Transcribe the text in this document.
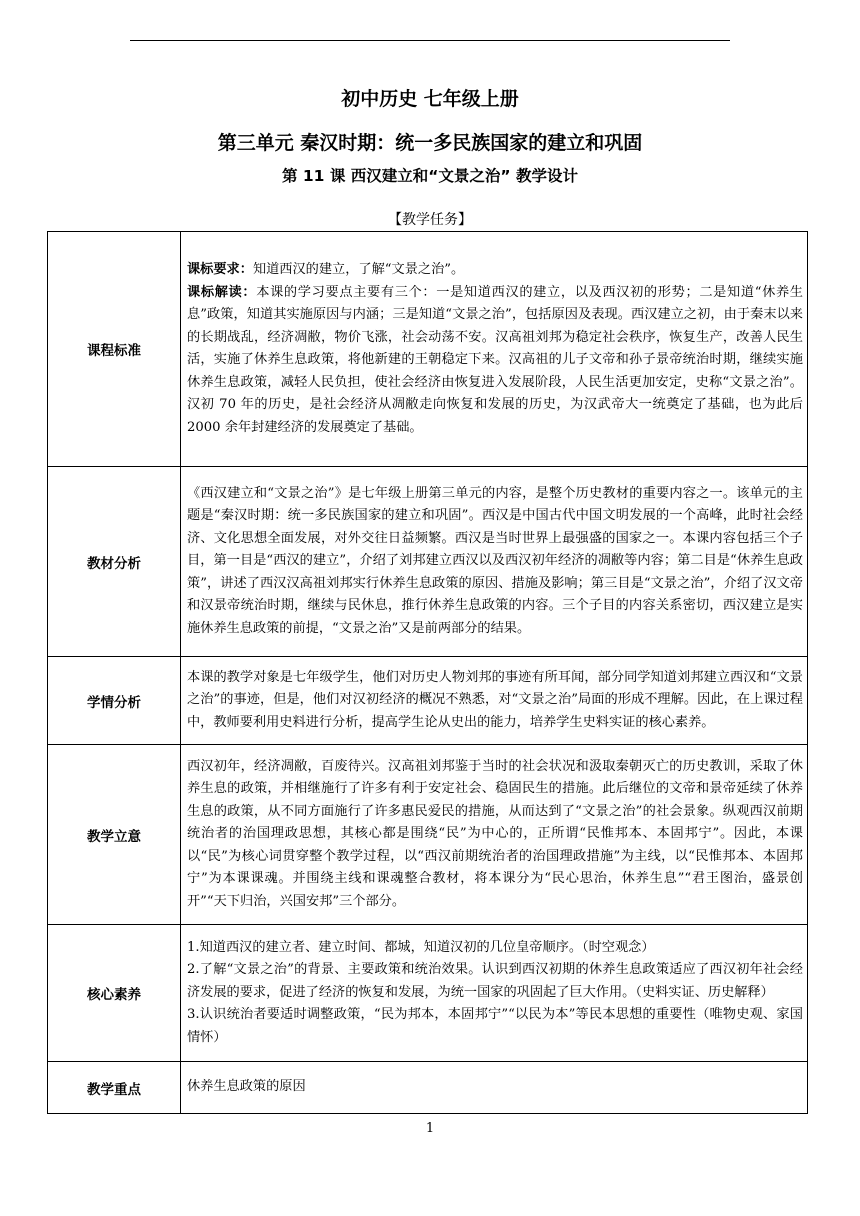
初中历史 七年级上册
第三单元 秦汉时期：统一多民族国家的建立和巩固
第 11 课 西汉建立和“文景之治” 教学设计
【教学任务】
课程标准	课标要求：知道西汉的建立，了解“文景之治”。

课标解读：本课的学习要点主要有三个：一是知道西汉的建立，以及西汉初的形势；二是知道“休养生息”政策，知道其实施原因与内涵；三是知道“文景之治”，包括原因及表现。西汉建立之初，由于秦末以来的长期战乱，经济凋敝，物价飞涨，社会动荡不安。汉高祖刘邦为稳定社会秩序，恢复生产，改善人民生活，实施了休养生息政策，将他新建的王朝稳定下来。汉高祖的儿子文帝和孙子景帝统治时期，继续实施休养生息政策，减轻人民负担，使社会经济由恢复进入发展阶段，人民生活更加安定，史称“文景之治”。汉初 70 年的历史，是社会经济从凋敝走向恢复和发展的历史，为汉武帝大一统奠定了基础，也为此后 2000 余年封建经济的发展奠定了基础。

教材分析	《西汉建立和“文景之治”》是七年级上册第三单元的内容，是整个历史教材的重要内容之一。该单元的主题是“秦汉时期：统一多民族国家的建立和巩固”。西汉是中国古代中国文明发展的一个高峰，此时社会经济、文化思想全面发展，对外交往日益频繁。西汉是当时世界上最强盛的国家之一。本课内容包括三个子目，第一目是“西汉的建立”，介绍了刘邦建立西汉以及西汉初年经济的凋敝等内容；第二目是“休养生息政策”，讲述了西汉汉高祖刘邦实行休养生息政策的原因、措施及影响；第三目是“文景之治”，介绍了汉文帝和汉景帝统治时期，继续与民休息，推行休养生息政策的内容。三个子目的内容关系密切，西汉建立是实施休养生息政策的前提，“文景之治”又是前两部分的结果。

学情分析	本课的教学对象是七年级学生，他们对历史人物刘邦的事迹有所耳闻，部分同学知道刘邦建立西汉和“文景之治”的事迹，但是，他们对汉初经济的概况不熟悉，对“文景之治”局面的形成不理解。因此，在上课过程中，教师要利用史料进行分析，提高学生论从史出的能力，培养学生史料实证的核心素养。

教学立意	西汉初年，经济凋敝，百废待兴。汉高祖刘邦鉴于当时的社会状况和汲取秦朝灭亡的历史教训，采取了休养生息的政策，并相继施行了许多有利于安定社会、稳固民生的措施。此后继位的文帝和景帝延续了休养生息的政策，从不同方面施行了许多惠民爱民的措施，从而达到了“文景之治”的社会景象。纵观西汉前期统治者的治国理政思想，其核心都是围绕“民”为中心的，正所谓“民惟邦本、本固邦宁”。因此，本课以“民”为核心词贯穿整个教学过程，以“西汉前期统治者的治国理政措施”为主线，以“民惟邦本、本固邦宁”为本课课魂。并围绕主线和课魂整合教材，将本课分为“民心思治，休养生息”“君王图治，盛景创开”“天下归治，兴国安邦”三个部分。

核心素养	1.知道西汉的建立者、建立时间、都城，知道汉初的几位皇帝顺序。（时空观念）

2.了解“文景之治”的背景、主要政策和统治效果。认识到西汉初期的休养生息政策适应了西汉初年社会经济发展的要求，促进了经济的恢复和发展，为统一国家的巩固起了巨大作用。（史料实证、历史解释）

3.认识统治者要适时调整政策，“民为邦本，本固邦宁”“以民为本”等民本思想的重要性（唯物史观、家国情怀）

教学重点	休养生息政策的原因

1
